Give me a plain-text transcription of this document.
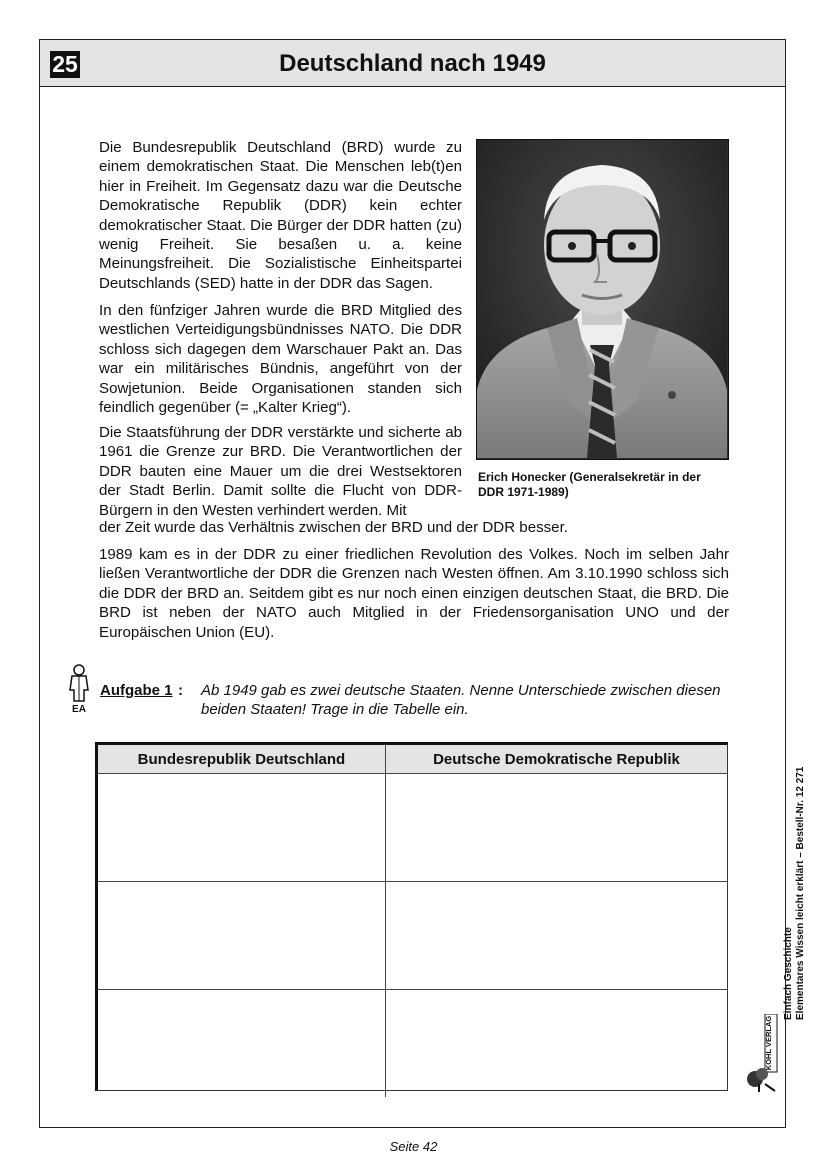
25	Deutschland nach 1949

Die Bundesrepublik Deutschland (BRD) wurde zu einem demokratischen Staat. Die Menschen leb(t)en hier in Freiheit. Im Gegensatz dazu war die Deutsche Demokratische Republik (DDR) kein echter demokratischer Staat. Die Bürger der DDR hatten (zu) wenig Freiheit. Sie besaßen u. a. keine Meinungsfreiheit. Die Sozialistische Einheitspartei Deutschlands (SED) hatte in der DDR das Sagen.

In den fünfziger Jahren wurde die BRD Mitglied des westlichen Verteidigungsbündnisses NATO. Die DDR schloss sich dagegen dem Warschauer Pakt an. Das war ein militärisches Bündnis, angeführt von der Sowjetunion. Beide Organisationen standen sich feindlich gegenüber (= „Kalter Krieg“).

Die Staatsführung der DDR verstärkte und sicherte ab 1961 die Grenze zur BRD. Die Verantwortlichen der DDR bauten eine Mauer um die drei Westsektoren der Stadt Berlin. Damit sollte die Flucht von DDR-Bürgern in den Westen verhindert werden. Mit

der Zeit wurde das Verhältnis zwischen der BRD und der DDR besser.

1989 kam es in der DDR zu einer friedlichen Revolution des Volkes. Noch im selben Jahr ließen Verantwortliche der DDR die Grenzen nach Westen öffnen. Am 3.10.1990 schloss sich die DDR der BRD an. Seitdem gibt es nur noch einen einzigen deutschen Staat, die BRD. Die BRD ist neben der NATO auch Mitglied in der Friedensorganisation UNO und der Europäischen Union (EU).

Erich Honecker (Generalsekretär in der DDR 1971-1989)
EA
Aufgabe 1 : Ab 1949 gab es zwei deutsche Staaten. Nenne Unterschiede zwischen diesen beiden Staaten! Trage in die Tabelle ein.

Bundesrepublik Deutschland	Deutsche Demokratische Republik

Einfach Geschichte Elementares Wissen leicht erklärt – Bestell-Nr. 12 271
KOHL VERLAG
Seite 42
